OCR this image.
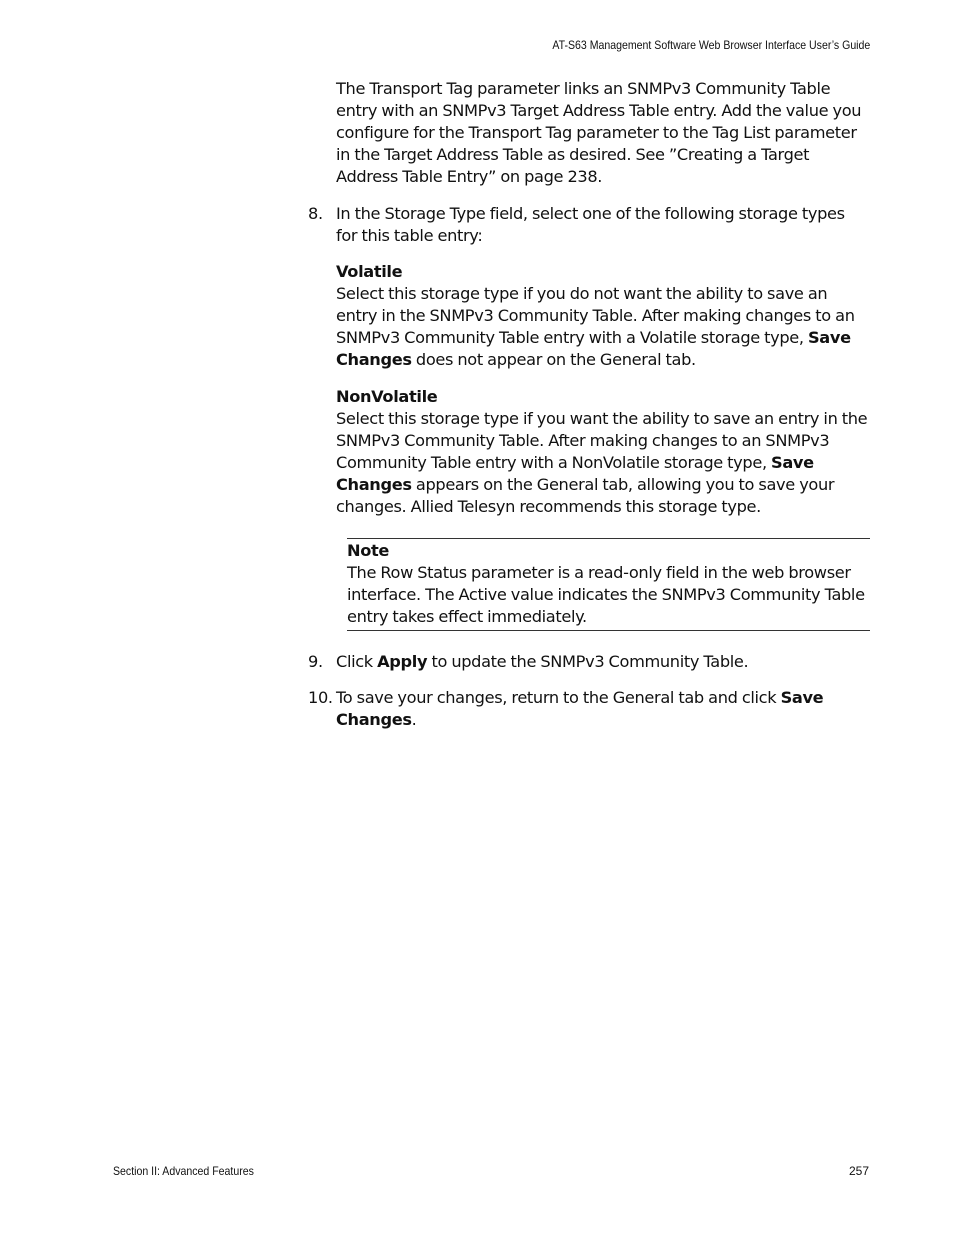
AT-S63 Management Software Web Browser Interface User’s Guide

The Transport Tag parameter links an SNMPv3 Community Table entry with an SNMPv3 Target Address Table entry. Add the value you configure for the Transport Tag parameter to the Tag List parameter in the Target Address Table as desired. See ”Creating a Target Address Table Entry” on page 238.

8. In the Storage Type field, select one of the following storage types for this table entry:

Volatile

Select this storage type if you do not want the ability to save an entry in the SNMPv3 Community Table. After making changes to an SNMPv3 Community Table entry with a Volatile storage type, Save Changes does not appear on the General tab.

NonVolatile

Select this storage type if you want the ability to save an entry in the SNMPv3 Community Table. After making changes to an SNMPv3 Community Table entry with a NonVolatile storage type, Save Changes appears on the General tab, allowing you to save your changes. Allied Telesyn recommends this storage type.

Note

The Row Status parameter is a read-only field in the web browser interface. The Active value indicates the SNMPv3 Community Table entry takes effect immediately.

9. Click Apply to update the SNMPv3 Community Table.

10. To save your changes, return to the General tab and click Save Changes.

Section II: Advanced Features	257
